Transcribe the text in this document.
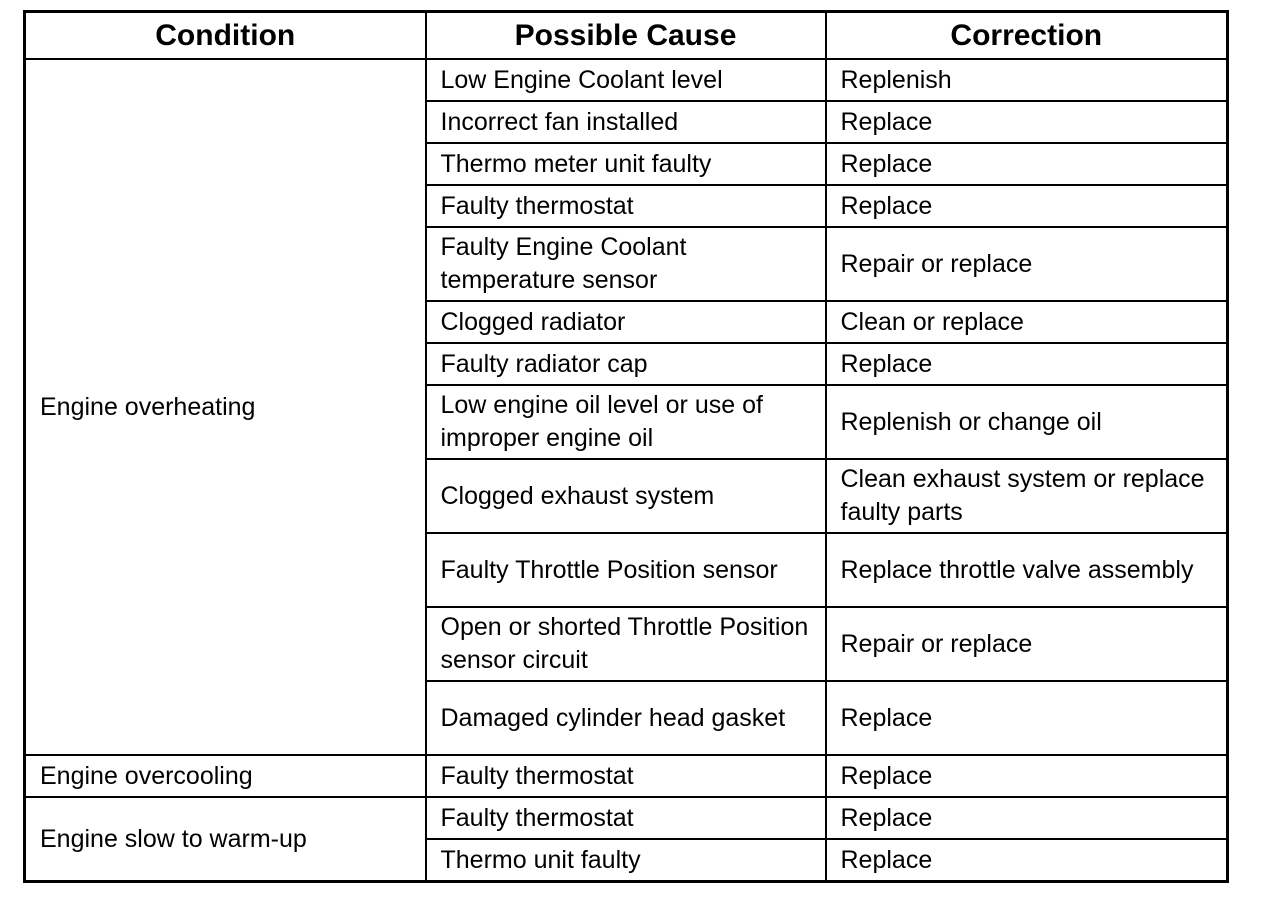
Condition	Possible Cause	Correction
Engine overheating	Low Engine Coolant level	Replenish
	Incorrect fan installed	Replace
	Thermo meter unit faulty	Replace
	Faulty thermostat	Replace
	Faulty Engine Coolant temperature sensor	Repair or replace
	Clogged radiator	Clean or replace
	Faulty radiator cap	Replace
	Low engine oil level or use of improper engine oil	Replenish or change oil
	Clogged exhaust system	Clean exhaust system or replace faulty parts
	Faulty Throttle Position sensor	Replace throttle valve assembly
	Open or shorted Throttle Position sensor circuit	Repair or replace
	Damaged cylinder head gasket	Replace
Engine overcooling	Faulty thermostat	Replace
Engine slow to warm-up	Faulty thermostat	Replace
	Thermo unit faulty	Replace
